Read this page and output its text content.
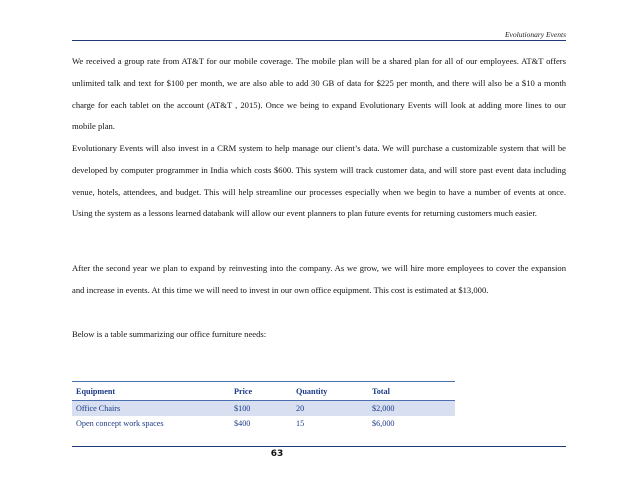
Evolutionary Events

We received a group rate from AT&T for our mobile coverage. The mobile plan will be a shared plan for all of our employees. AT&T offers unlimited talk and text for $100 per month, we are also able to add 30 GB of data for $225 per month, and there will also be a $10 a month charge for each tablet on the account (AT&T , 2015). Once we being to expand Evolutionary Events will look at adding more lines to our mobile plan.

Evolutionary Events will also invest in a CRM system to help manage our client’s data. We will purchase a customizable system that will be developed by computer programmer in India which costs $600. This system will track customer data, and will store past event data including venue, hotels, attendees, and budget. This will help streamline our processes especially when we begin to have a number of events at once. Using the system as a lessons learned databank will allow our event planners to plan future events for returning customers much easier.

After the second year we plan to expand by reinvesting into the company. As we grow, we will hire more employees to cover the expansion and increase in events. At this time we will need to invest in our own office equipment. This cost is estimated at $13,000.

Below is a table summarizing our office furniture needs:

Equipment	Price	Quantity	Total
Office Chairs	$100	20	$2,000
Open concept work spaces	$400	15	$6,000
63
